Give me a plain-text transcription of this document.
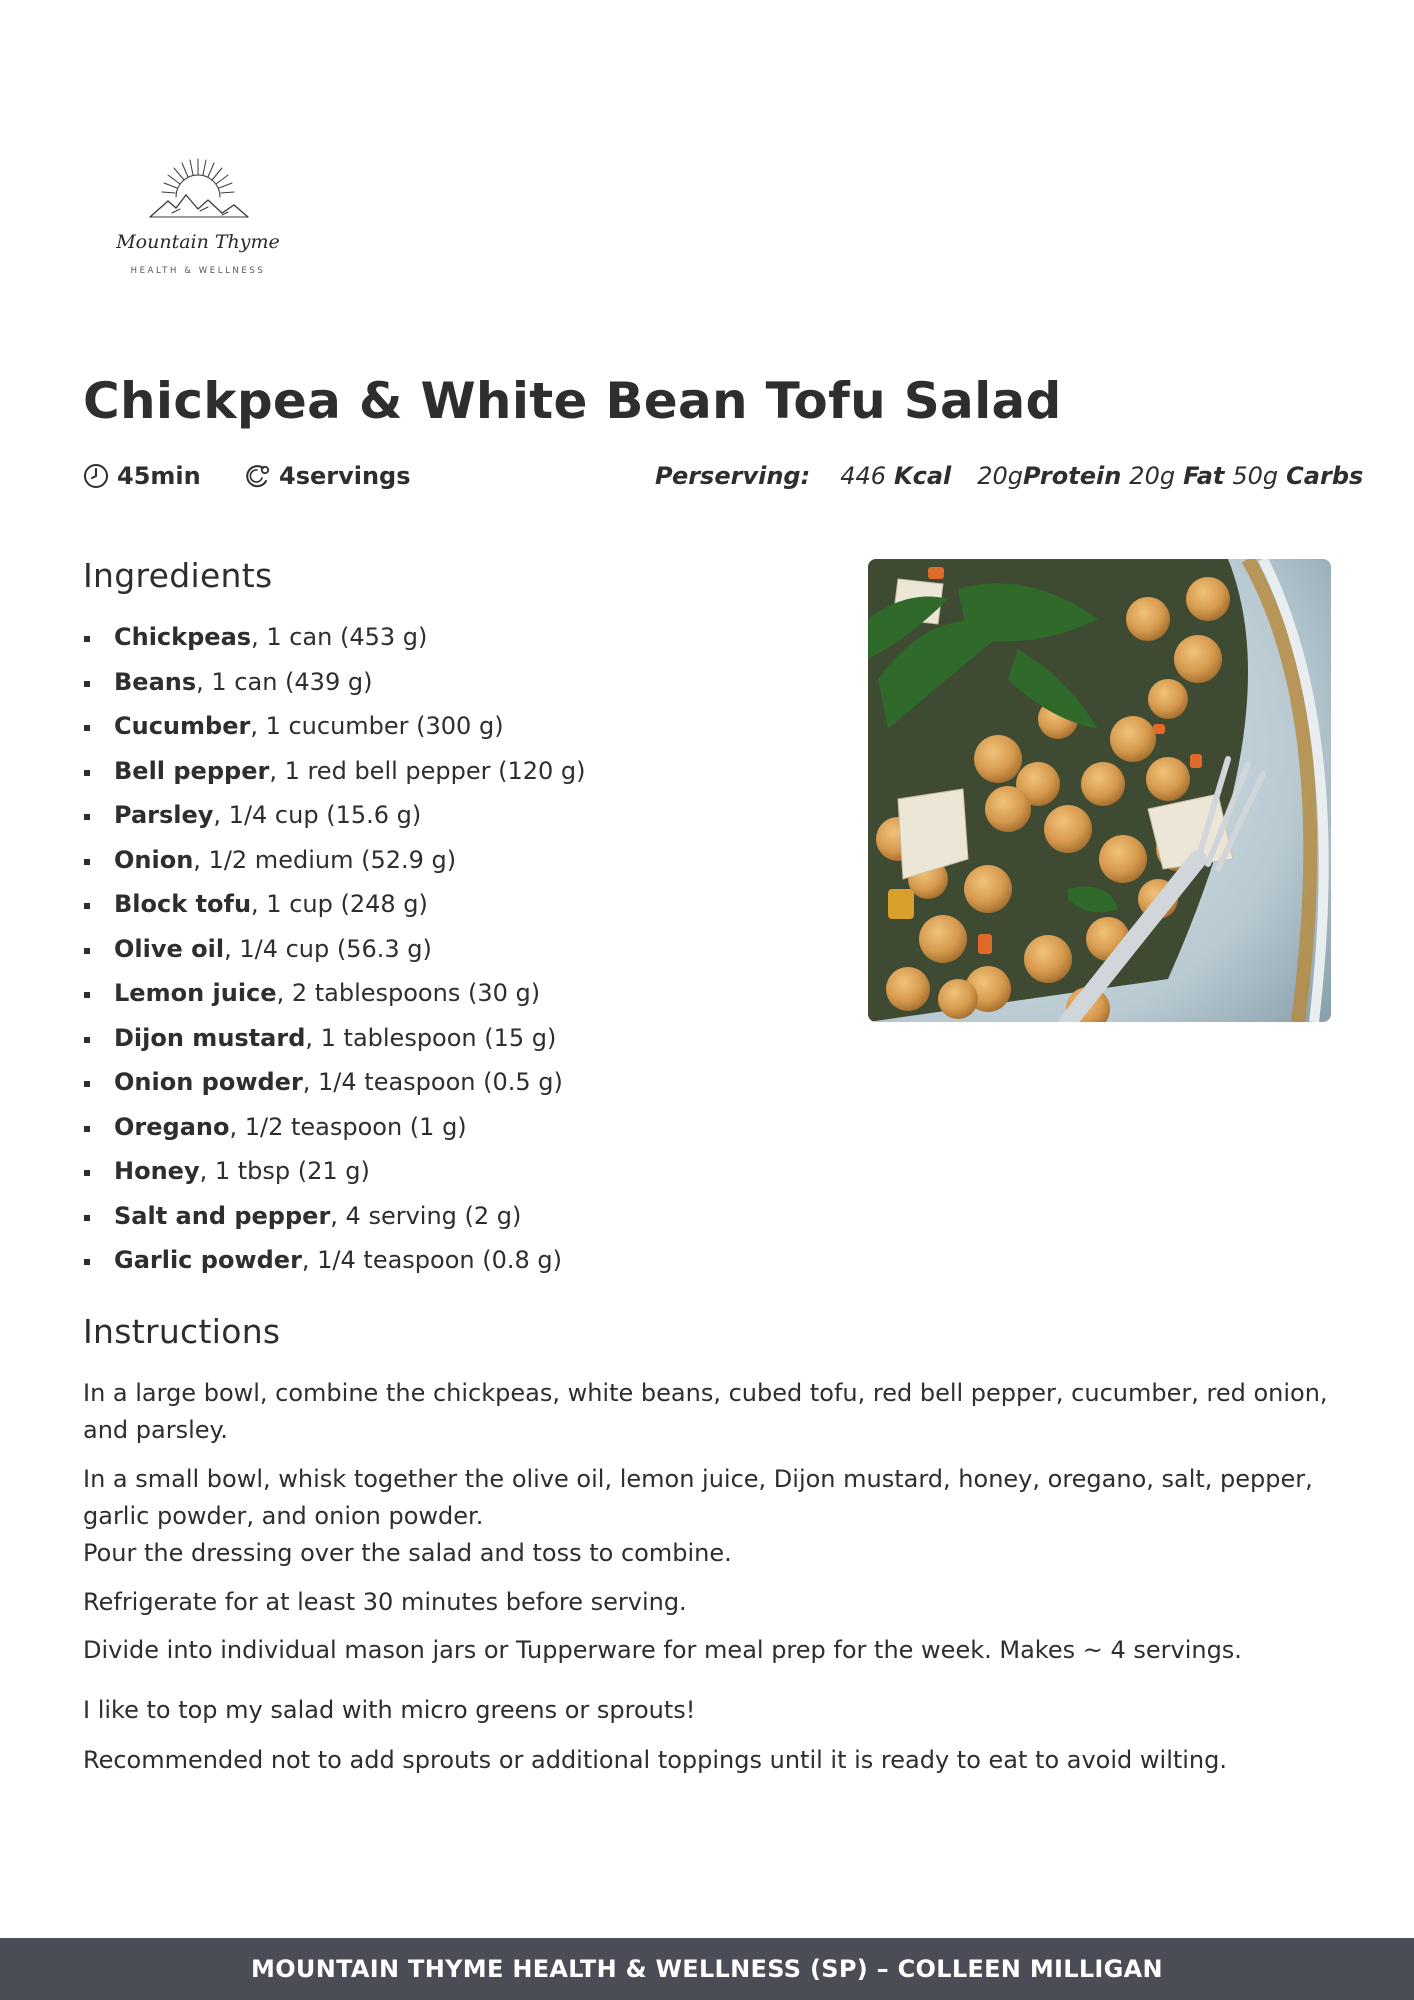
Mountain Thyme
HEALTH & WELLNESS
Chickpea & White Bean Tofu Salad
45min	4servings	Perserving: 446 Kcal 20g Protein 20g Fat 50g Carbs
Ingredients
Chickpeas, 1 can (453 g)
Beans, 1 can (439 g)
Cucumber, 1 cucumber (300 g)
Bell pepper, 1 red bell pepper (120 g)
Parsley, 1/4 cup (15.6 g)
Onion, 1/2 medium (52.9 g)
Block tofu, 1 cup (248 g)
Olive oil, 1/4 cup (56.3 g)
Lemon juice, 2 tablespoons (30 g)
Dijon mustard, 1 tablespoon (15 g)
Onion powder, 1/4 teaspoon (0.5 g)
Oregano, 1/2 teaspoon (1 g)
Honey, 1 tbsp (21 g)
Salt and pepper, 4 serving (2 g)
Garlic powder, 1/4 teaspoon (0.8 g)
Instructions

In a large bowl, combine the chickpeas, white beans, cubed tofu, red bell pepper, cucumber, red onion, and parsley.

In a small bowl, whisk together the olive oil, lemon juice, Dijon mustard, honey, oregano, salt, pepper, garlic powder, and onion powder.

Pour the dressing over the salad and toss to combine.

Refrigerate for at least 30 minutes before serving.

Divide into individual mason jars or Tupperware for meal prep for the week. Makes ~ 4 servings.

I like to top my salad with micro greens or sprouts!

Recommended not to add sprouts or additional toppings until it is ready to eat to avoid wilting.

MOUNTAIN THYME HEALTH & WELLNESS (SP) – COLLEEN MILLIGAN
